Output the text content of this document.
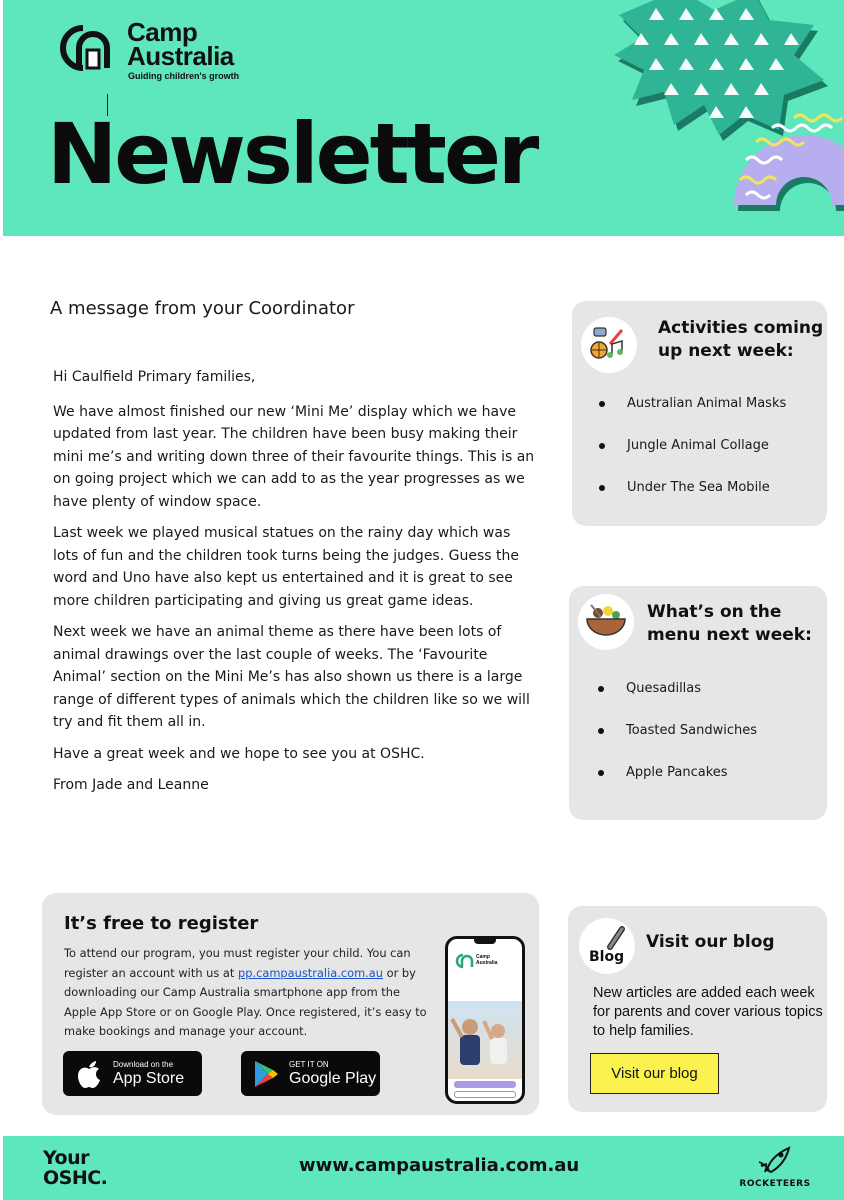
Camp
Australia
Guiding children's growth
Newsletter
A message from your Coordinator

Hi Caulfield Primary families,

We have almost finished our new ‘Mini Me’ display which we have updated from last year. The children have been busy making their mini me’s and writing down three of their favourite things. This is an on going project which we can add to as the year progresses as we have plenty of window space.

Last week we played musical statues on the rainy day which was lots of fun and the children took turns being the judges. Guess the word and Uno have also kept us entertained and it is great to see more children participating and giving us great game ideas.

Next week we have an animal theme as there have been lots of animal drawings over the last couple of weeks. The ‘Favourite Animal’ section on the Mini Me’s has also shown us there is a large range of different types of animals which the children like so we will try and fit them all in.

Have a great week and we hope to see you at OSHC.

From Jade and Leanne

Activities coming
up next week:
Australian Animal Masks
Jungle Animal Collage
Under The Sea Mobile
What’s on the
menu next week:
Quesadillas
Toasted Sandwiches
Apple Pancakes
It’s free to register
To attend our program, you must register your child. You can register an account with us at pp.campaustralia.com.au or by downloading our Camp Australia smartphone app from the Apple App Store or on Google Play. Once registered, it’s easy to make bookings and manage your account.
Download on the
App Store
GET IT ON
Google Play
Camp Australia	Blog
Visit our blog
New articles are added each week for parents and cover various topics to help families.
Visit our blog
Your
OSHC.
www.campaustralia.com.au
ROCKETEERS
